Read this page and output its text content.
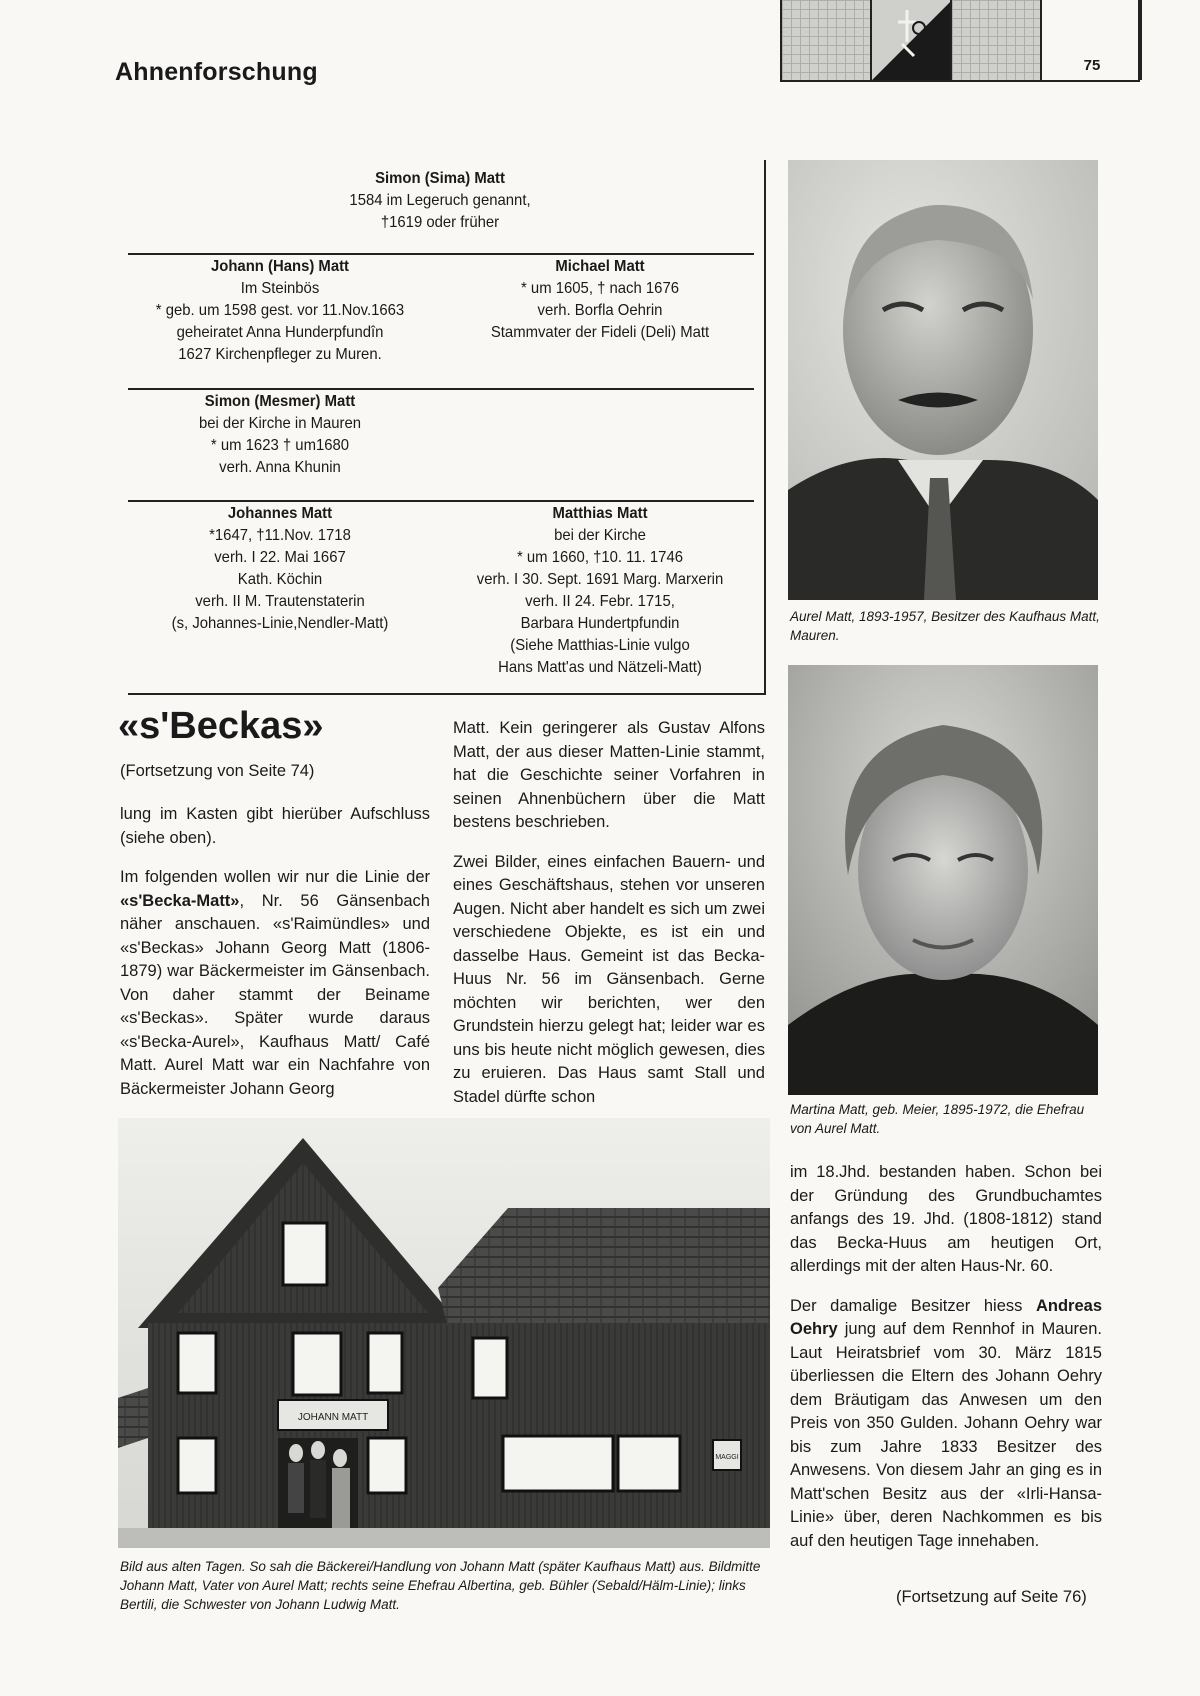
Ahnenforschung	75
Simon (Sima) Matt
1584 im Legeruch genannt,
†1619 oder früher
Johann (Hans) Matt
Im Steinbös
* geb. um 1598 gest. vor 11.Nov.1663
geheiratet Anna Hunderpfundîn
1627 Kirchenpfleger zu Muren.
Michael Matt
* um 1605, † nach 1676
verh. Borfla Oehrin
Stammvater der Fideli (Deli) Matt
Simon (Mesmer) Matt
bei der Kirche in Mauren
* um 1623 † um1680
verh. Anna Khunin
Johannes Matt
*1647, †11.Nov. 1718
verh. I 22. Mai 1667
Kath. Köchin
verh. II M. Trautenstaterin
(s, Johannes-Linie,Nendler-Matt)
Matthias Matt
bei der Kirche
* um 1660, †10. 11. 1746
verh. I 30. Sept. 1691 Marg. Marxerin
verh. II 24. Febr. 1715,
Barbara Hundertpfundin
(Siehe Matthias-Linie vulgo
Hans Matt'as und Nätzeli-Matt)
Aurel Matt, 1893-1957, Besitzer des Kaufhaus Matt, Mauren.
Martina Matt, geb. Meier, 1895-1972, die Ehefrau von Aurel Matt.
«s'Beckas»
(Fortsetzung von Seite 74)

lung im Kasten gibt hierüber Aufschluss (siehe oben).

Im folgenden wollen wir nur die Linie der «s'Becka-Matt», Nr. 56 Gänsenbach näher anschauen. «s'Raimündles» und «s'Beckas» Johann Georg Matt (1806-1879) war Bäckermeister im Gänsenbach. Von daher stammt der Beiname «s'Beckas». Später wurde daraus «s'Becka-Aurel», Kaufhaus Matt/ Café Matt. Aurel Matt war ein Nachfahre von Bäckermeister Johann Georg

Matt. Kein geringerer als Gustav Alfons Matt, der aus dieser Matten-Linie stammt, hat die Geschichte seiner Vorfahren in seinen Ahnenbüchern über die Matt bestens beschrieben.

Zwei Bilder, eines einfachen Bauern- und eines Geschäftshaus, stehen vor unseren Augen. Nicht aber handelt es sich um zwei verschiedene Objekte, es ist ein und dasselbe Haus. Gemeint ist das Becka-Huus Nr. 56 im Gänsenbach. Gerne möchten wir berichten, wer den Grundstein hierzu gelegt hat; leider war es uns bis heute nicht möglich gewesen, dies zu eruieren. Das Haus samt Stall und Stadel dürfte schon

im 18.Jhd. bestanden haben. Schon bei der Gründung des Grundbuchamtes anfangs des 19. Jhd. (1808-1812) stand das Becka-Huus am heutigen Ort, allerdings mit der alten Haus-Nr. 60.

Der damalige Besitzer hiess Andreas Oehry jung auf dem Rennhof in Mauren. Laut Heiratsbrief vom 30. März 1815 überliessen die Eltern des Johann Oehry dem Bräutigam das Anwesen um den Preis von 350 Gulden. Johann Oehry war bis zum Jahre 1833 Besitzer des Anwesens. Von diesem Jahr an ging es in Matt'schen Besitz aus der «Irli-Hansa-Linie» über, deren Nachkommen es bis auf den heutigen Tage innehaben.

(Fortsetzung auf Seite 76)
JOHANN MATT
MAGGI
Bild aus alten Tagen. So sah die Bäckerei/Handlung von Johann Matt (später Kaufhaus Matt) aus. Bildmitte Johann Matt, Vater von Aurel Matt; rechts seine Ehefrau Albertina, geb. Bühler (Sebald/Hälm-Linie); links Bertili, die Schwester von Johann Ludwig Matt.
